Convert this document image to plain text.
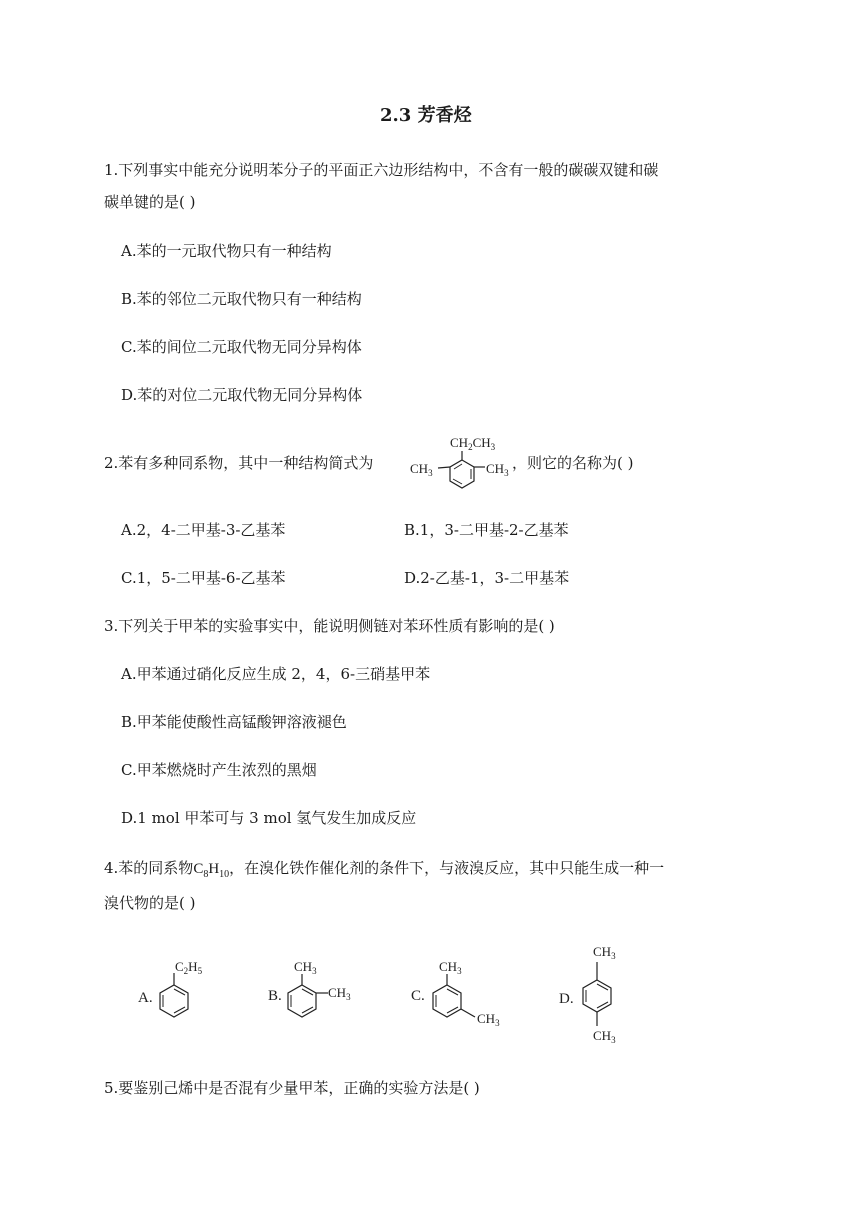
2.3 芳香烃
1.下列事实中能充分说明苯分子的平面正六边形结构中，不含有一般的碳碳双键和碳
碳单键的是( )
A.苯的一元取代物只有一种结构
B.苯的邻位二元取代物只有一种结构
C.苯的间位二元取代物无同分异构体
D.苯的对位二元取代物无同分异构体
2.苯有多种同系物，其中一种结构简式为
$CH_2CH_3$
$CH_3$	$CH_3$
，则它的名称为( )
A.2，4-二甲基-3-乙基苯	B.1，3-二甲基-2-乙基苯
C.1，5-二甲基-6-乙基苯	D.2-乙基-1，3-二甲基苯
3.下列关于甲苯的实验事实中，能说明侧链对苯环性质有影响的是( )
A.甲苯通过硝化反应生成 2，4，6-三硝基甲苯
B.甲苯能使酸性高锰酸钾溶液褪色
C.甲苯燃烧时产生浓烈的黑烟
D.1 mol 甲苯可与 3 mol 氢气发生加成反应
4.苯的同系物$C_8H_{10}$，在溴化铁作催化剂的条件下，与液溴反应，其中只能生成一种一
溴代物的是( )
A.
$C_2H_5$
B.
$CH_3$
$CH_3$	C.
$CH_3$
$CH_3$
D.
$CH_3$
$CH_3$
5.要鉴别己烯中是否混有少量甲苯，正确的实验方法是( )
